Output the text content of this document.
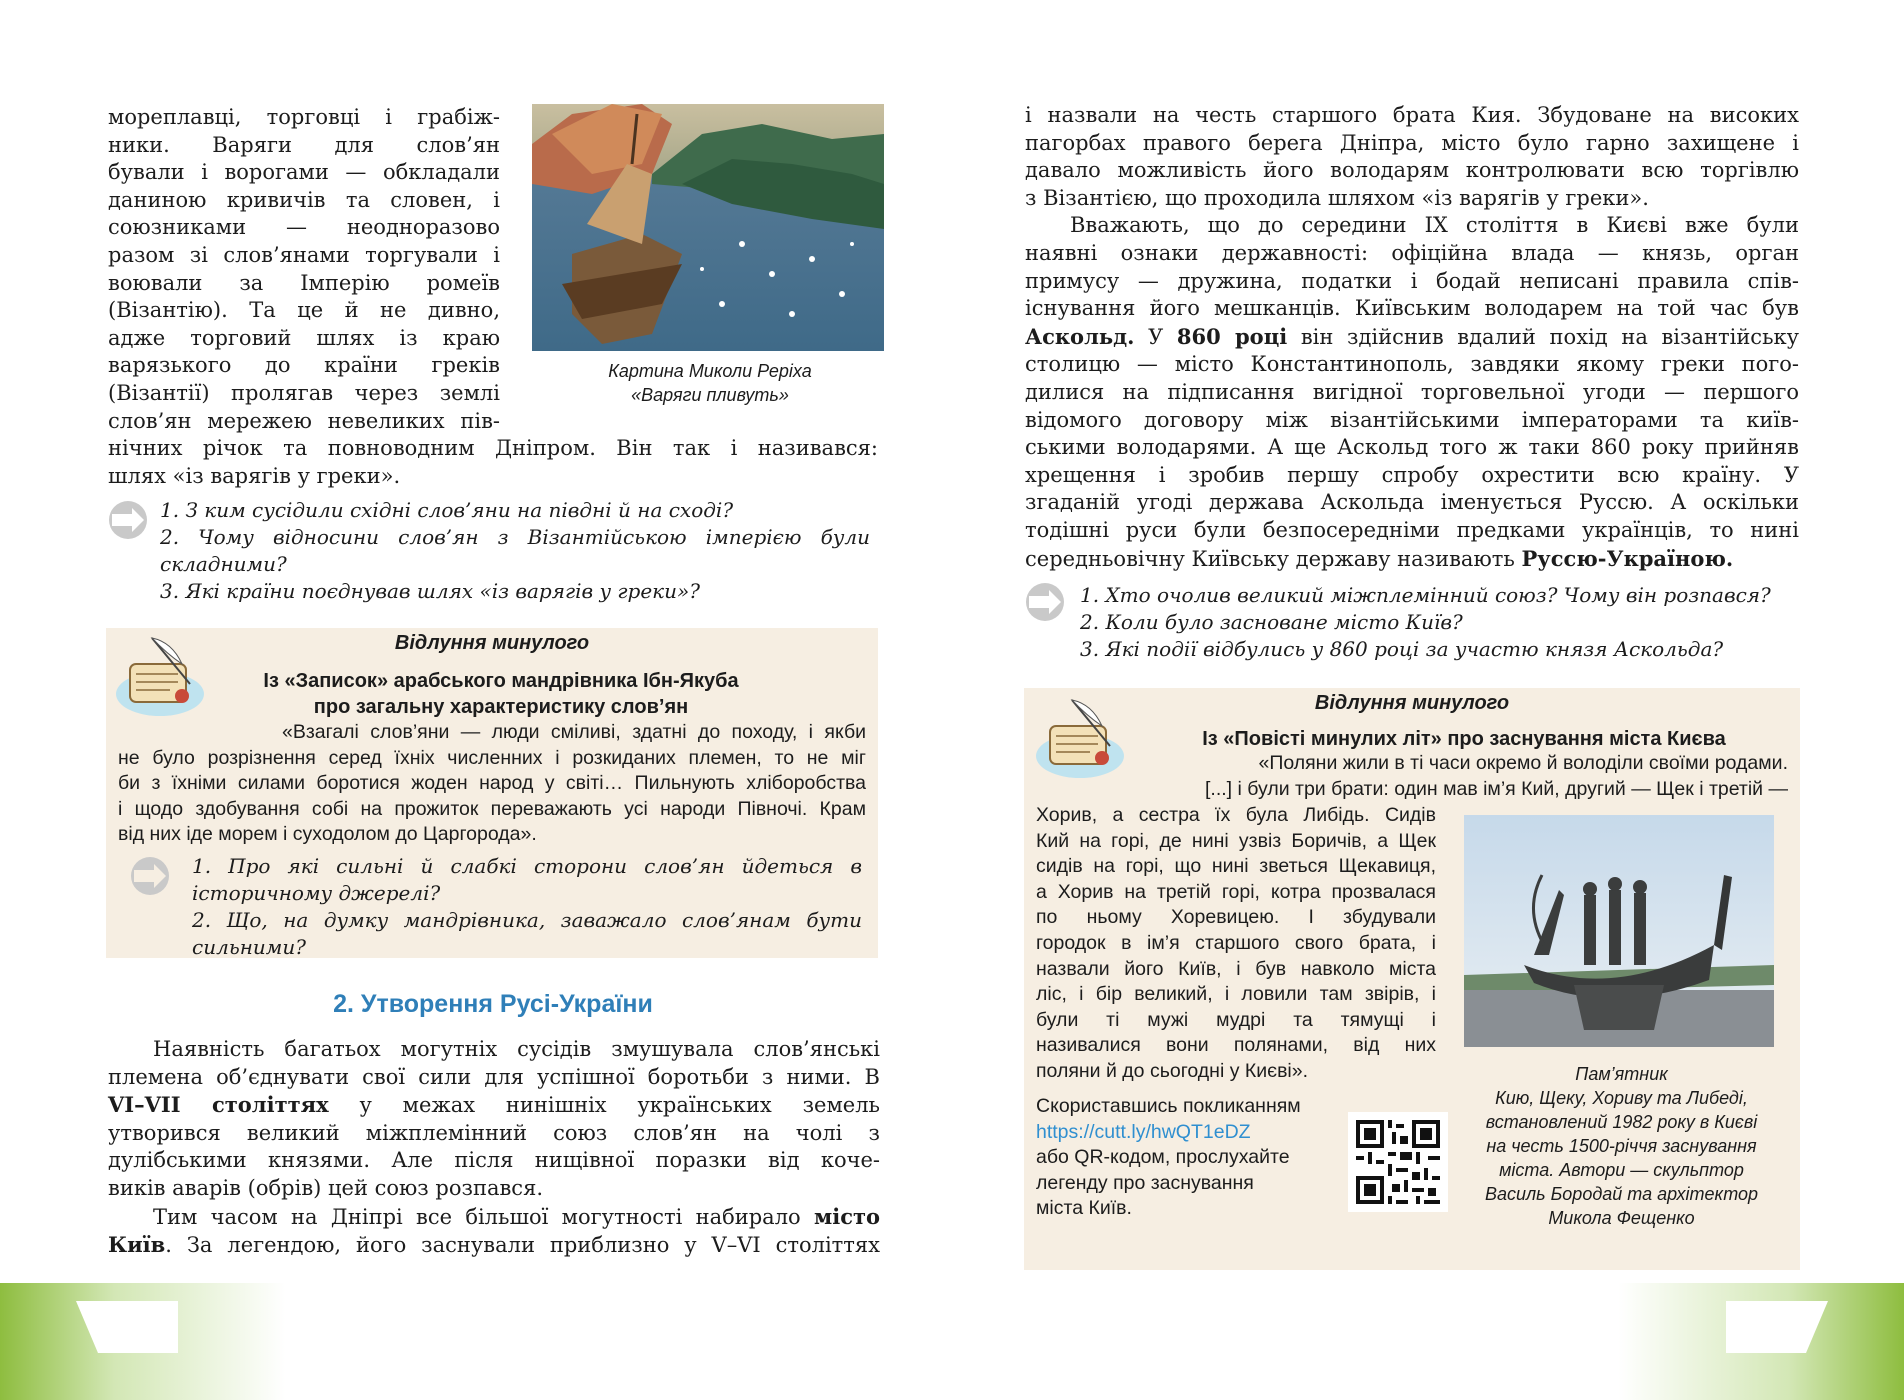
мореплавці, торговці і грабіж-
ники. Варяги для слов’ян
бували і ворогами — обкладали
даниною кривичів та словен, і
союзниками — неодноразово
разом зі слов’янами торгували і
воювали за Імперію ромеїв
(Візантію). Та це й не дивно,
адже торговий шлях із краю
варязького до країни греків
(Візантії) пролягав через землі
слов’ян мережею невеликих пів-
Картина Миколи Реріха
«Варяги пливуть»
нічних річок та повноводним Дніпром. Він так і називався:
шлях «із варягів у греки».

1. З ким сусідили східні слов’яни на півдні й на сході?

2. Чому відносини слов’ян з Візантійською імперією були

складними?

3. Які країни поєднував шлях «із варягів у греки»?

Відлуння минулого
Із «Записок» арабського мандрівника Ібн-Якуба
про загальну характеристику слов’ян
«Взагалі слов’яни — люди сміливі, здатні до походу, і якби
не було розрізнення серед їхніх численних і розкиданих племен, то не міг
би з їхніми силами боротися жоден народ у світі… Пильнують хліборобства
і щодо здобування собі на прожиток переважають усі народи Півночі. Крам
від них іде морем і суходолом до Царгорода».

1. Про які сильні й слабкі сторони слов’ян йдеться в

історичному джерелі?

2. Що, на думку мандрівника, заважало слов’янам бути

сильними?

2. Утворення Русі-України
Наявність багатьох могутніх сусідів змушувала слов’янські
племена об’єднувати свої сили для успішної боротьби з ними. В
VI–VII століттях у межах нинішніх українських земель
утворився великий міжплемінний союз слов’ян на чолі з
дулібськими князями. Але після нищівної поразки від коче-
виків аварів (обрів) цей союз розпався.
Тим часом на Дніпрі все більшої могутності набирало місто
Київ. За легендою, його заснували приблизно у V–VI століттях
і назвали на честь старшого брата Кия. Збудоване на високих
пагорбах правого берега Дніпра, місто було гарно захищене і
давало можливість його володарям контролювати всю торгівлю
з Візантією, що проходила шляхом «із варягів у греки».
Вважають, що до середини IX століття в Києві вже були
наявні ознаки державності: офіційна влада — князь, орган
примусу — дружина, податки і бодай неписані правила спів-
існування його мешканців. Київським володарем на той час був
Аскольд. У 860 році він здійснив вдалий похід на візантійську
столицю — місто Константинополь, завдяки якому греки пого-
дилися на підписання вигідної торговельної угоди — першого
відомого договору між візантійськими імператорами та київ-
ськими володарями. А ще Аскольд того ж таки 860 року прийняв
хрещення і зробив першу спробу охрестити всю країну. У
згаданій угоді держава Аскольда іменується Руссю. А оскільки
тодішні руси були безпосередніми предками українців, то нині
середньовічну Київську державу називають Руссю-Україною.

1. Хто очолив великий міжплемінний союз? Чому він розпався?

2. Коли було засноване місто Київ?

3. Які події відбулись у 860 році за участю князя Аскольда?

Відлуння минулого
Із «Повісті минулих літ» про заснування міста Києва
«Поляни жили в ті часи окремо й володіли своїми родами.
[...] і були три брати: один мав ім’я Кий, другий — Щек і третій —
Хорив, а сестра їх була Либідь. Сидів
Кий на горі, де нині узвіз Боричів, а Щек
сидів на горі, що нині зветься Щекавиця,
а Хорив на третій горі, котра прозвалася
по ньому Хоревицею. І збудували
городок в ім’я старшого свого брата, і
назвали його Київ, і був навколо міста
ліс, і бір великий, і ловили там звірів, і
були ті мужі мудрі та тямущі і
називалися вони полянами, від них
поляни й до сьогодні у Києві».	Пам’ятник
Кию, Щеку, Хориву та Либеді,
встановлений 1982 року в Києві
на честь 1500-річчя заснування
міста. Автори — скульптор
Василь Бородай та архітектор
Микола Фещенко
Скориставшись покликанням
https://cutt.ly/hwQT1eDZ
або QR-кодом, прослухайте
легенду про заснування
міста Київ.
